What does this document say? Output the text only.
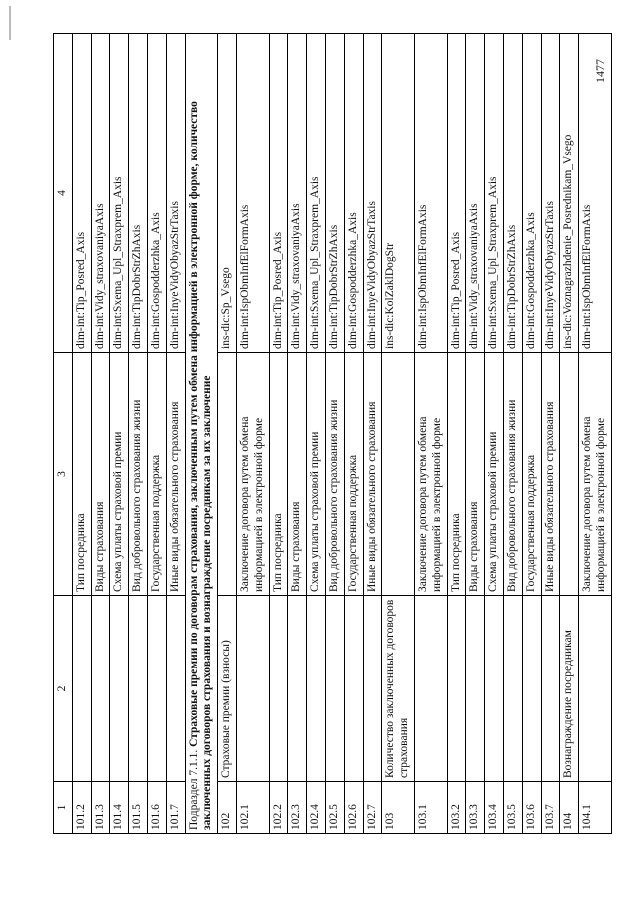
1477
1	2	3	4
101.2		Тип посредника	dim-int:Tip_Posred_Axis
101.3		Виды страхования	dim-int:Vidy_straxovaniyaAxis
101.4		Схема уплаты страховой премии	dim-int:Sxema_Upl_Straxprem_Axis
101.5		Вид добровольного страхования жизни	dim-int:TipDobrStrZhAxis
101.6		Государственная поддержка	dim-int:Gospodderzhka_Axis
101.7		Иные виды обязательного страхования	dim-int:InyeVidyObyazStrTaxis
Подраздел 7.1.1. Страховые премии по договорам страхования, заключенным путем обмена информацией в электронной форме, количество заключенных договоров страхования и вознаграждение посредникам за их заключение			
102	Страховые премии (взносы)		ins-dic:Sp_Vsego
102.1		Заключение договора путем обмена информацией в электронной форме	dim-int:IspObmInfElFormAxis
102.2		Тип посредника	dim-int:Tip_Posred_Axis
102.3		Виды страхования	dim-int:Vidy_straxovaniyaAxis
102.4		Схема уплаты страховой премии	dim-int:Sxema_Upl_Straxprem_Axis
102.5		Вид добровольного страхования жизни	dim-int:TipDobrStrZhAxis
102.6		Государственная поддержка	dim-int:Gospodderzhka_Axis
102.7		Иные виды обязательного страхования	dim-int:InyeVidyObyazStrTaxis
103	Количество заключенных договоров страхования		ins-dic:KolZaklDogStr
103.1		Заключение договора путем обмена информацией в электронной форме	dim-int:IspObmInfElFormAxis
103.2		Тип посредника	dim-int:Tip_Posred_Axis
103.3		Виды страхования	dim-int:Vidy_straxovaniyaAxis
103.4		Схема уплаты страховой премии	dim-int:Sxema_Upl_Straxprem_Axis
103.5		Вид добровольного страхования жизни	dim-int:TipDobrStrZhAxis
103.6		Государственная поддержка	dim-int:Gospodderzhka_Axis
103.7		Иные виды обязательного страхования	dim-int:InyeVidyObyazStrTaxis
104	Вознаграждение посредникам		ins-dic:Voznagrazhdenie_Posrednikam_Vsego
104.1		Заключение договора путем обмена информацией в электронной форме	dim-int:IspObmInfElFormAxis
